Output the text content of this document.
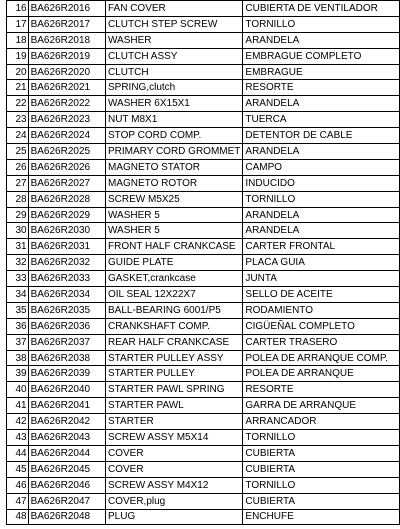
16	BA626R2016	FAN COVER	CUBIERTA DE VENTILADOR
17	BA626R2017	CLUTCH STEP SCREW	TORNILLO
18	BA626R2018	WASHER	ARANDELA
19	BA626R2019	CLUTCH ASSY	EMBRAGUE COMPLETO
20	BA626R2020	CLUTCH	EMBRAGUE
21	BA626R2021	SPRING,clutch	RESORTE
22	BA626R2022	WASHER 6X15X1	ARANDELA
23	BA626R2023	NUT M8X1	TUERCA
24	BA626R2024	STOP CORD COMP.	DETENTOR DE CABLE
25	BA626R2025	PRIMARY CORD GROMMET	ARANDELA
26	BA626R2026	MAGNETO STATOR	CAMPO
27	BA626R2027	MAGNETO ROTOR	INDUCIDO
28	BA626R2028	SCREW M5X25	TORNILLO
29	BA626R2029	WASHER 5	ARANDELA
30	BA626R2030	WASHER 5	ARANDELA
31	BA626R2031	FRONT HALF CRANKCASE	CARTER FRONTAL
32	BA626R2032	GUIDE PLATE	PLACA GUIA
33	BA626R2033	GASKET,crankcase	JUNTA
34	BA626R2034	OIL SEAL 12X22X7	SELLO DE ACEITE
35	BA626R2035	BALL-BEARING 6001/P5	RODAMIENTO
36	BA626R2036	CRANKSHAFT COMP.	CIGÜEÑAL COMPLETO
37	BA626R2037	REAR HALF CRANKCASE	CARTER TRASERO
38	BA626R2038	STARTER PULLEY ASSY	POLEA DE ARRANQUE COMP.
39	BA626R2039	STARTER PULLEY	POLEA DE ARRANQUE
40	BA626R2040	STARTER PAWL SPRING	RESORTE
41	BA626R2041	STARTER PAWL	GARRA DE ARRANQUE
42	BA626R2042	STARTER	ARRANCADOR
43	BA626R2043	SCREW ASSY M5X14	TORNILLO
44	BA626R2044	COVER	CUBIERTA
45	BA626R2045	COVER	CUBIERTA
46	BA626R2046	SCREW ASSY M4X12	TORNILLO
47	BA626R2047	COVER,plug	CUBIERTA
48	BA626R2048	PLUG	ENCHUFE
